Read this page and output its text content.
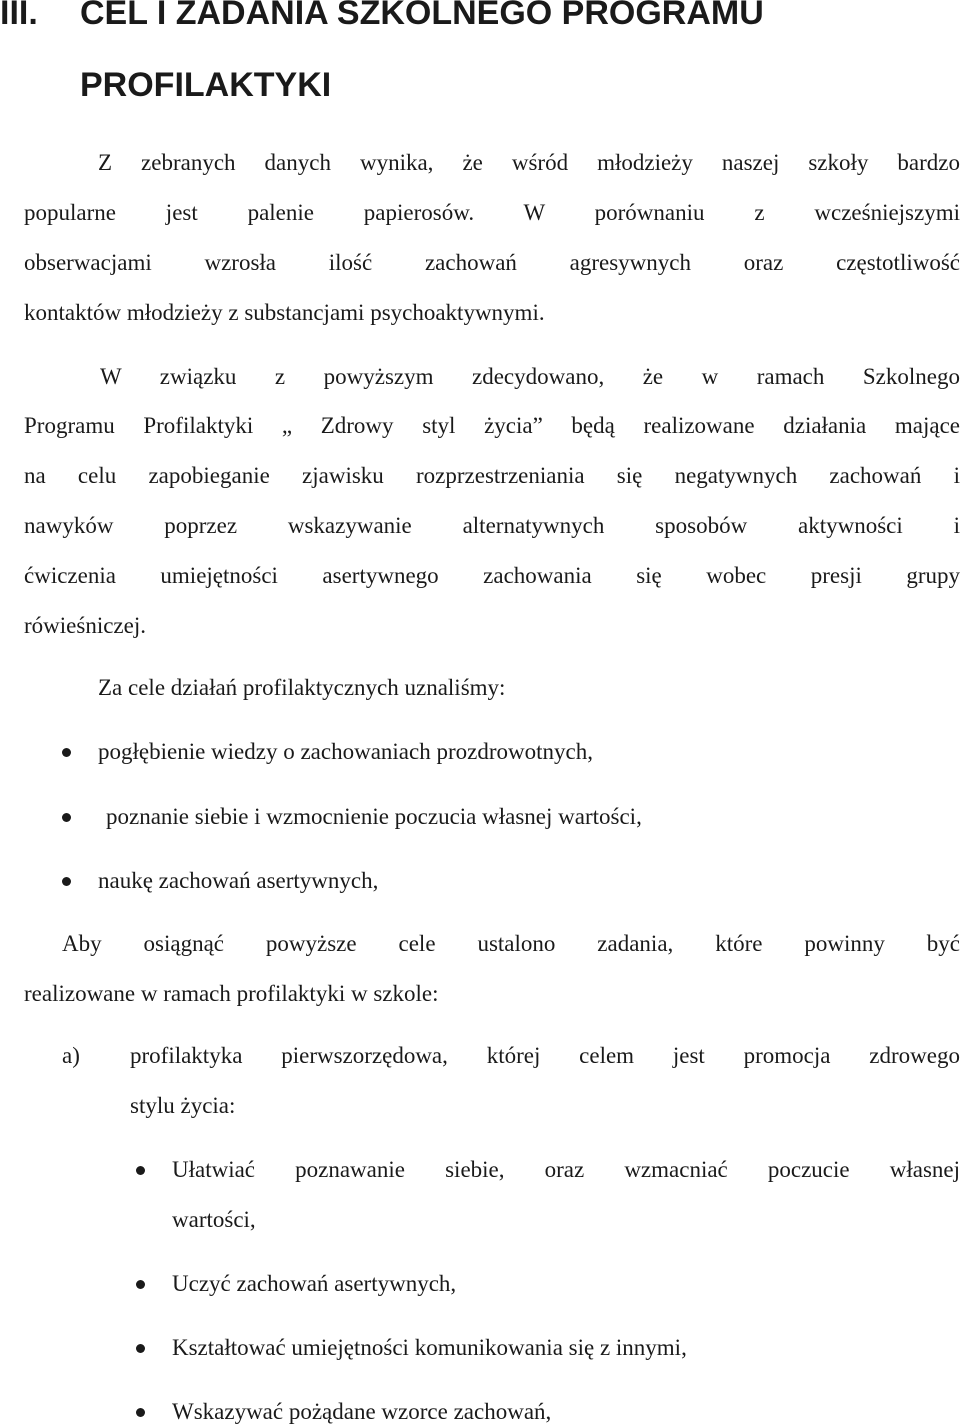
III. CEL I ZADANIA SZKOLNEGO PROGRAMU
PROFILAKTYKI
Z zebranych danych wynika, że wśród młodzieży naszej szkoły bardzo
popularne jest palenie papierosów. W porównaniu z wcześniejszymi
obserwacjami wzrosła ilość zachowań agresywnych oraz częstotliwość
kontaktów młodzieży z substancjami psychoaktywnymi.
W związku z powyższym zdecydowano, że w ramach Szkolnego
Programu Profilaktyki „ Zdrowy styl życia” będą realizowane działania mające
na celu zapobieganie zjawisku rozprzestrzeniania się negatywnych zachowań i
nawyków poprzez wskazywanie alternatywnych sposobów aktywności i
ćwiczenia umiejętności asertywnego zachowania się wobec presji grupy
rówieśniczej.
Za cele działań profilaktycznych uznaliśmy:
pogłębienie wiedzy o zachowaniach prozdrowotnych,
poznanie siebie i wzmocnienie poczucia własnej wartości,
naukę zachowań asertywnych,
Aby osiągnąć powyższe cele ustalono zadania, które powinny być
realizowane w ramach profilaktyki w szkole:
a) profilaktyka pierwszorzędowa, której celem jest promocja zdrowego
stylu życia:
Ułatwiać poznawanie siebie, oraz wzmacniać poczucie własnej
wartości,
Uczyć zachowań asertywnych,
Kształtować umiejętności komunikowania się z innymi,
Wskazywać pożądane wzorce zachowań,
